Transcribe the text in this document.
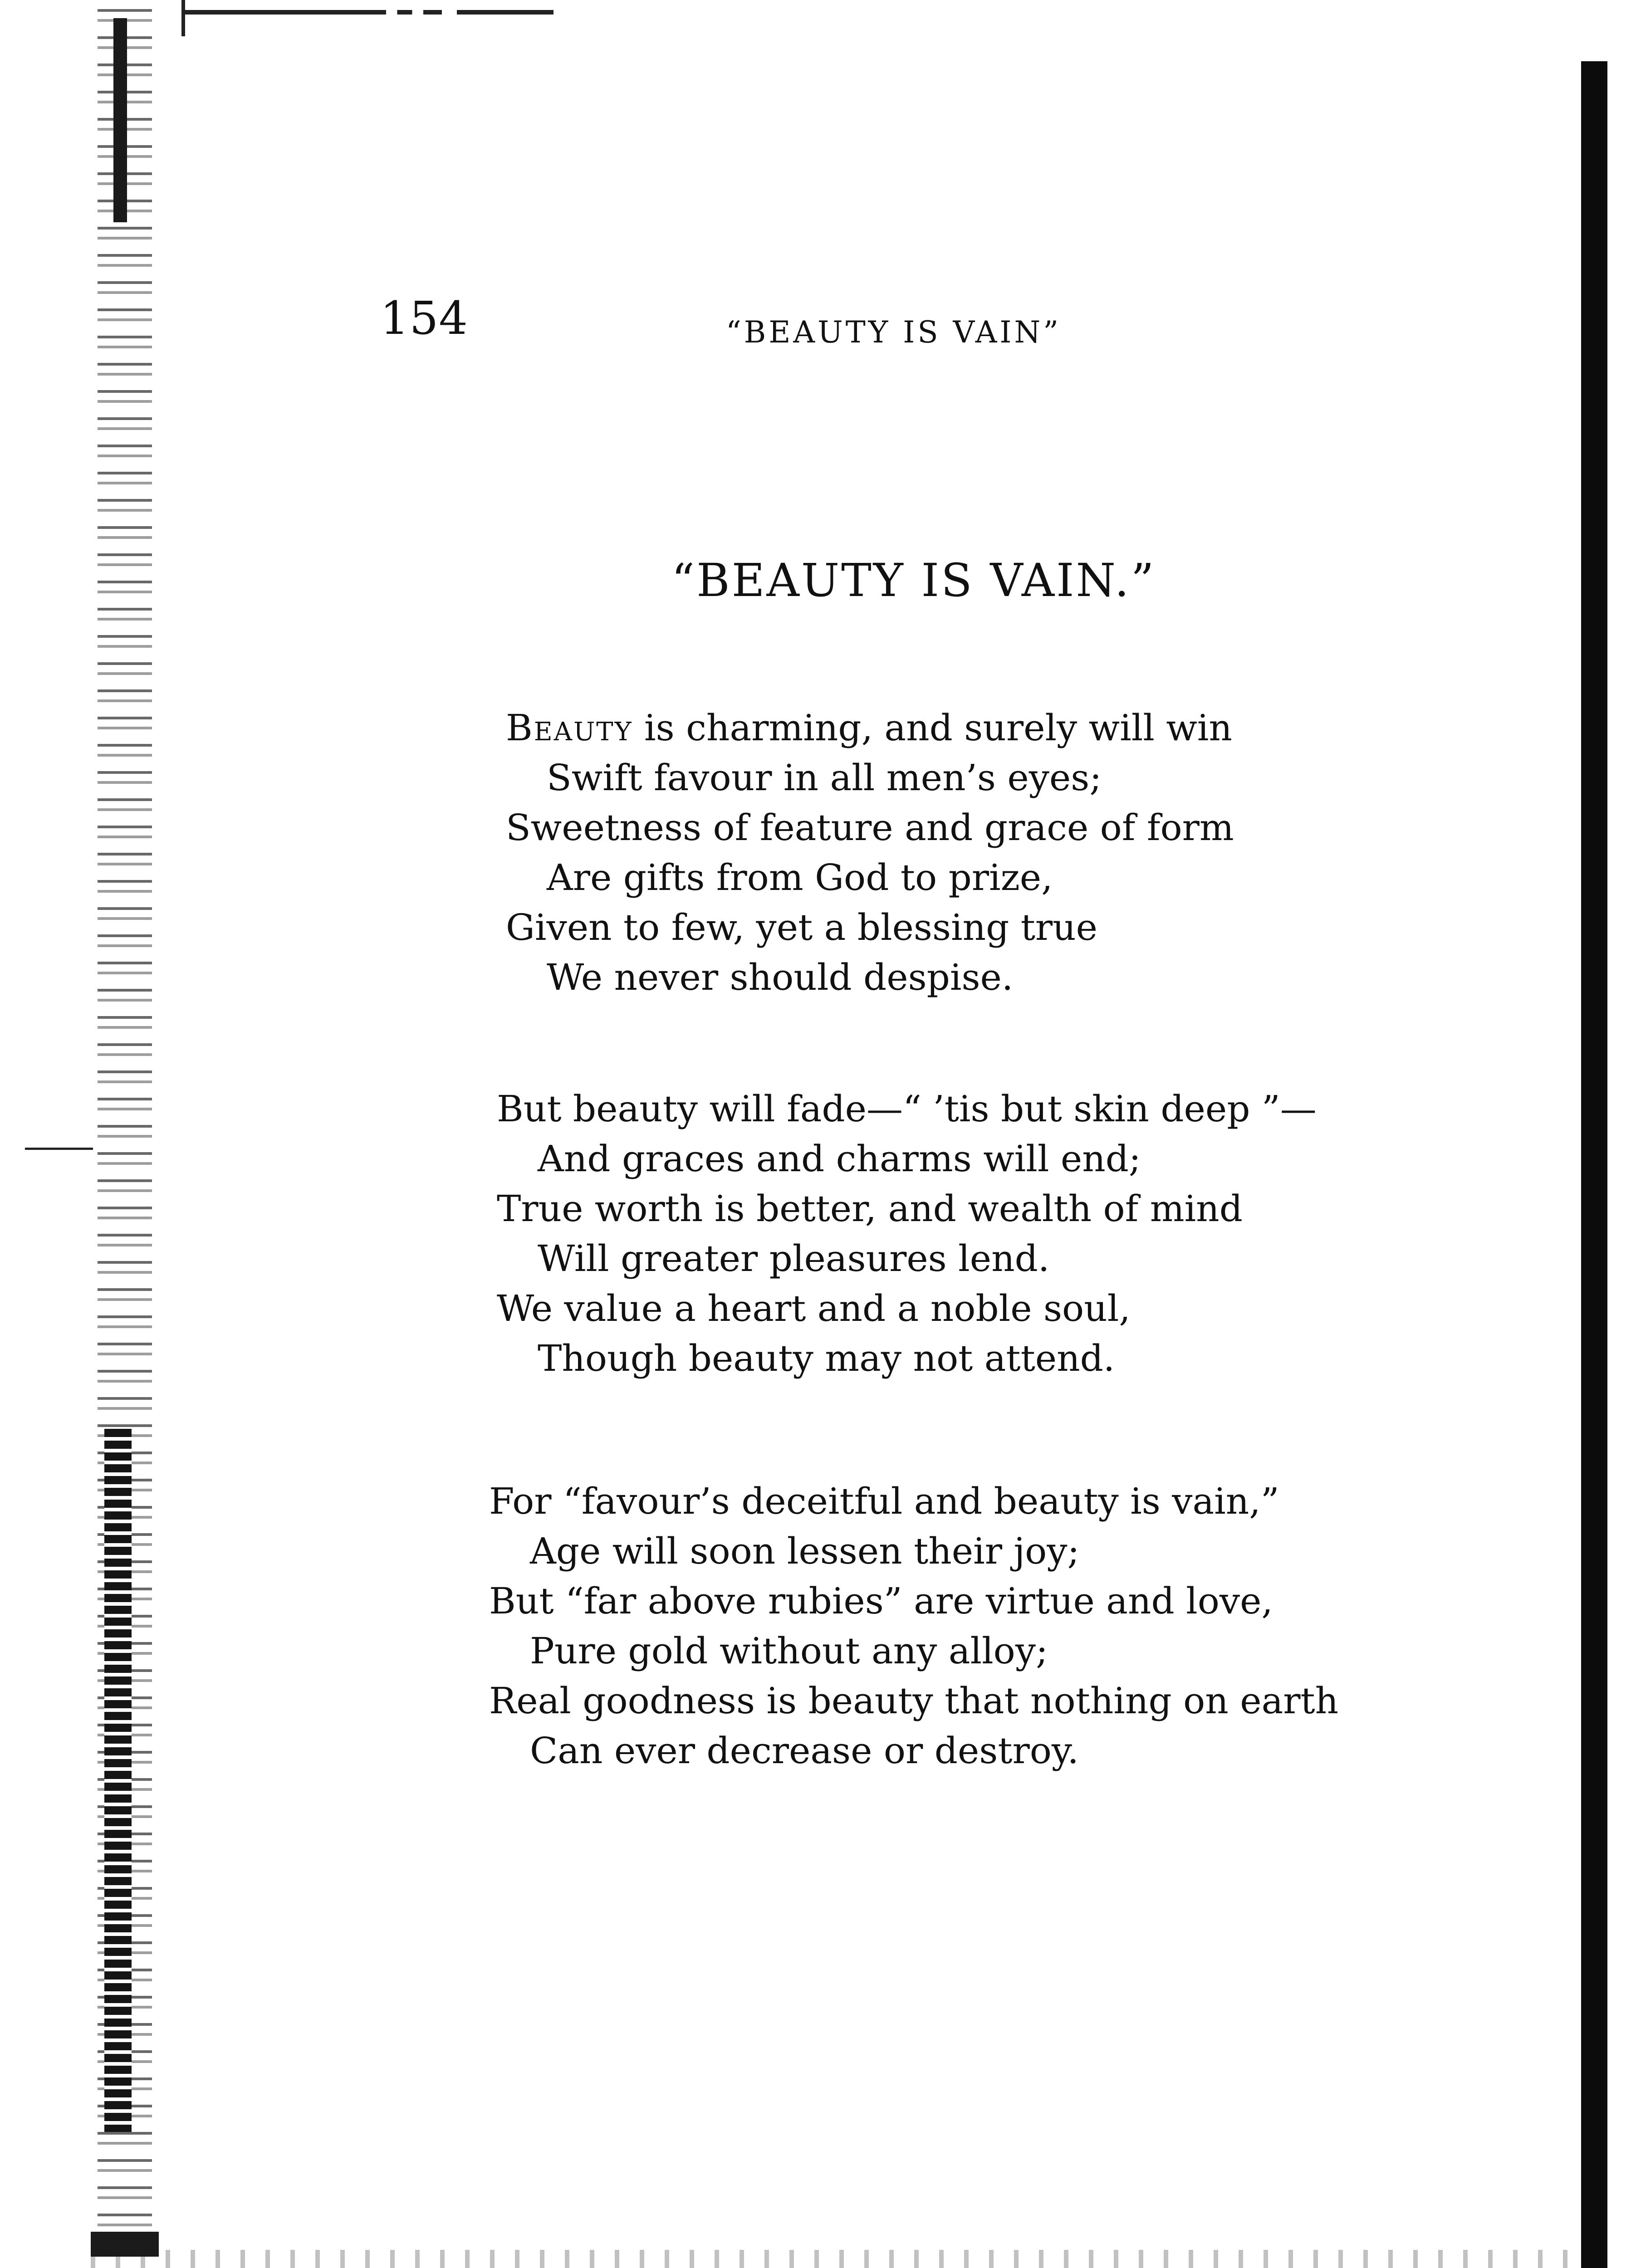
154	“BEAUTY IS VAIN”
“BEAUTY IS VAIN.”
Beauty is charming, and surely will win
Swift favour in all men’s eyes;
Sweetness of feature and grace of form
Are gifts from God to prize,
Given to few, yet a blessing true
We never should despise.
But beauty will fade—“ ’tis but skin deep ”—
And graces and charms will end;
True worth is better, and wealth of mind
Will greater pleasures lend.
We value a heart and a noble soul,
Though beauty may not attend.
For “favour’s deceitful and beauty is vain,”
Age will soon lessen their joy;
But “far above rubies” are virtue and love,
Pure gold without any alloy;
Real goodness is beauty that nothing on earth
Can ever decrease or destroy.
